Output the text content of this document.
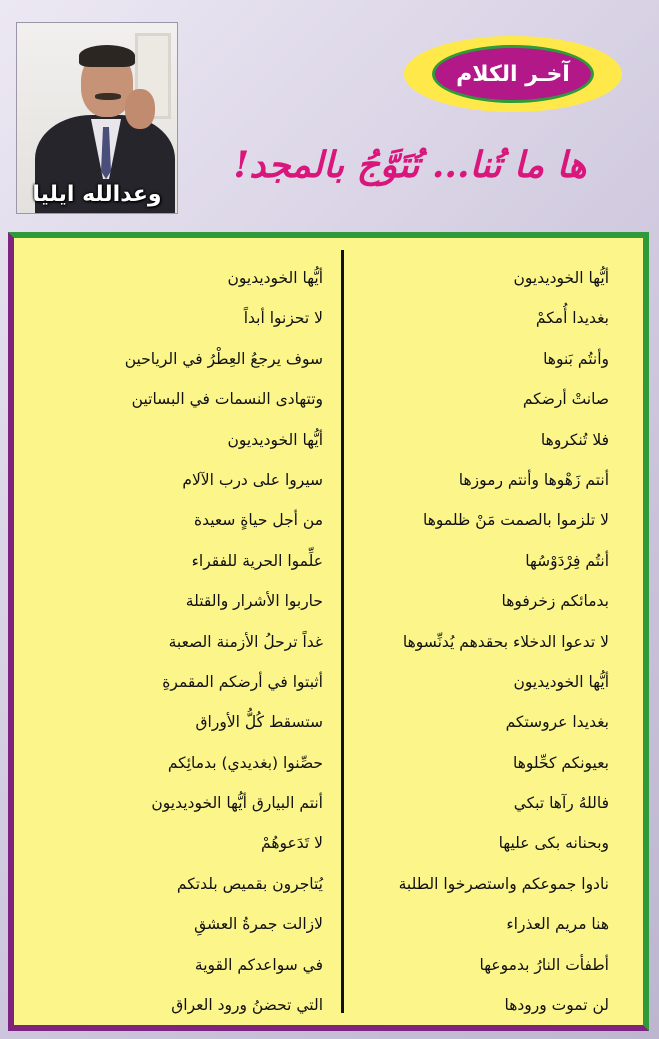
وعدالله ايليا
آخـر الكلام
ها ما تُنا... تُتَوَّجُ بالمجد!
أيُّها الخوديديون
بغديدا أُمكمْ
وأنتُم بَنوها
صانتْ أرضكم
فلا تُنكروها
أنتم زَهْوها وأنتم رموزها
لا تلزموا بالصمت مَنْ ظلموها
أنتُم فِرْدَوْسُها
بدمائكم زخرفوها
لا تدعوا الدخلاء بحقدهم يُدنِّسوها
أيُّها الخوديديون
بغديدا عروستكم
بعيونكم كحِّلوها
فاللهُ رآها تبكي
وبحنانه بكى عليها
نادوا جموعكم واستصرخوا الطلبة
هنا مريم العذراء
أطفأت النارُ بدموعها
لن تموت ورودها
أيُّها الخوديديون
لا تحزنوا أبداً
سوف يرجعُ العِطْرُ في الرياحين
وتتهادى النسمات في البساتين
أيُّها الخوديديون
سيروا على درب الآلام
من أجل حياةٍ سعيدة
علِّموا الحرية للفقراء
حاربوا الأشرار والقتلة
غداً ترحلُ الأزمنة الصعبة
أثبتوا في أرضكم المقمرةِ
ستسقط كُلُّ الأوراق
حصِّنوا (بغديدي) بدمائِكم
أنتم البيارق أيُّها الخوديديون
لا تَدَعوهُمْ
يُتاجرون بقميص بلدتكم
لازالت جمرةُ العشقِ
في سواعدكم القوية
التي تحضنُ ورود العراق
